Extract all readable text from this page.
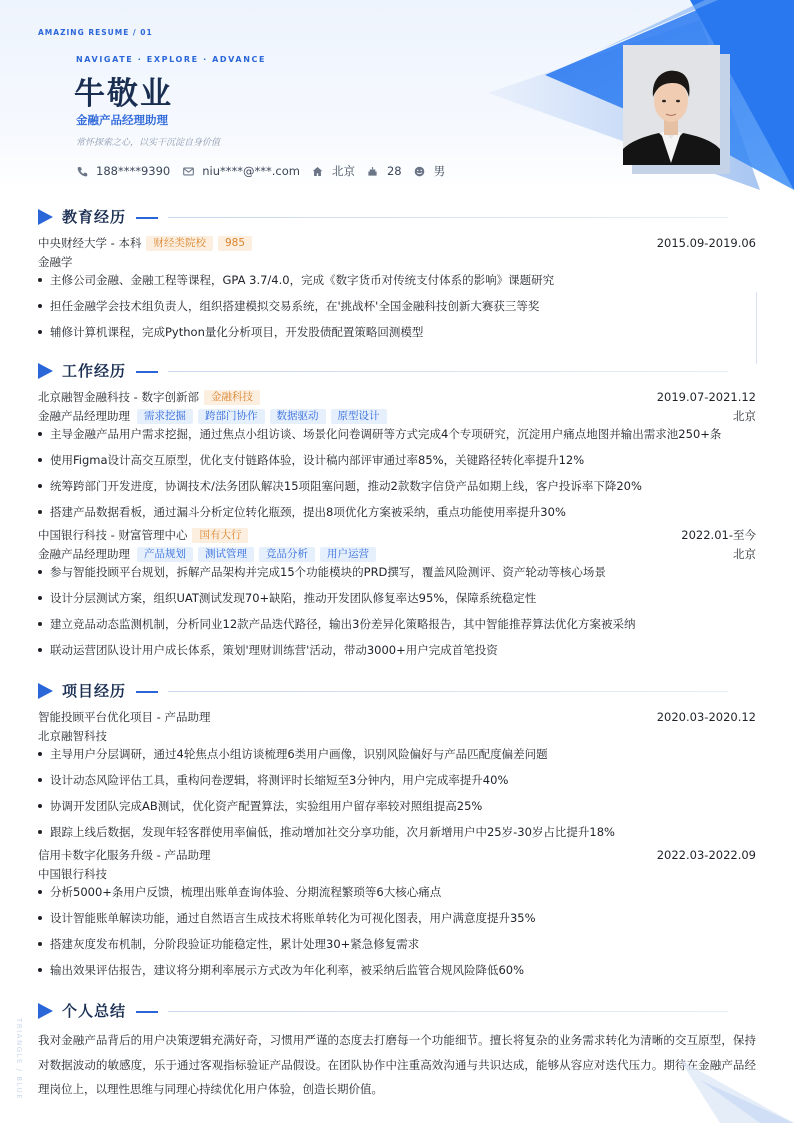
AMAZING RESUME / 01
NAVIGATE · EXPLORE · ADVANCE
牛敬业
金融产品经理助理
常怀探索之心，以实干沉淀自身价值
188****9390	niu****@***.com	北京	28	男
教育经历
中央财经大学 - 本科	财经类院校	985	2015.09-2019.06
金融学
主修公司金融、金融工程等课程，GPA 3.7/4.0，完成《数字货币对传统支付体系的影响》课题研究
担任金融学会技术组负责人，组织搭建模拟交易系统，在'挑战杯'全国金融科技创新大赛获三等奖
辅修计算机课程，完成Python量化分析项目，开发股债配置策略回测模型
工作经历
北京融智金融科技 - 数字创新部	金融科技	2019.07-2021.12
金融产品经理助理	需求挖掘	跨部门协作	数据驱动	原型设计	北京
主导金融产品用户需求挖掘，通过焦点小组访谈、场景化问卷调研等方式完成4个专项研究，沉淀用户痛点地图并输出需求池250+条
使用Figma设计高交互原型，优化支付链路体验，设计稿内部评审通过率85%，关键路径转化率提升12%
统筹跨部门开发进度，协调技术/法务团队解决15项阻塞问题，推动2款数字信贷产品如期上线，客户投诉率下降20%
搭建产品数据看板，通过漏斗分析定位转化瓶颈，提出8项优化方案被采纳，重点功能使用率提升30%
中国银行科技 - 财富管理中心	国有大行	2022.01-至今
金融产品经理助理	产品规划	测试管理	竞品分析	用户运营	北京
参与智能投顾平台规划，拆解产品架构并完成15个功能模块的PRD撰写，覆盖风险测评、资产轮动等核心场景
设计分层测试方案，组织UAT测试发现70+缺陷，推动开发团队修复率达95%，保障系统稳定性
建立竞品动态监测机制，分析同业12款产品迭代路径，输出3份差异化策略报告，其中智能推荐算法优化方案被采纳
联动运营团队设计用户成长体系，策划'理财训练营'活动，带动3000+用户完成首笔投资
项目经历
智能投顾平台优化项目 - 产品助理	2020.03-2020.12
北京融智科技
主导用户分层调研，通过4轮焦点小组访谈梳理6类用户画像，识别风险偏好与产品匹配度偏差问题
设计动态风险评估工具，重构问卷逻辑，将测评时长缩短至3分钟内，用户完成率提升40%
协调开发团队完成AB测试，优化资产配置算法，实验组用户留存率较对照组提高25%
跟踪上线后数据，发现年轻客群使用率偏低，推动增加社交分享功能，次月新增用户中25岁-30岁占比提升18%
信用卡数字化服务升级 - 产品助理	2022.03-2022.09
中国银行科技
分析5000+条用户反馈，梳理出账单查询体验、分期流程繁琐等6大核心痛点
设计智能账单解读功能，通过自然语言生成技术将账单转化为可视化图表，用户满意度提升35%
搭建灰度发布机制，分阶段验证功能稳定性，累计处理30+紧急修复需求
输出效果评估报告，建议将分期利率展示方式改为年化利率，被采纳后监管合规风险降低60%
个人总结
我对金融产品背后的用户决策逻辑充满好奇，习惯用严谨的态度去打磨每一个功能细节。擅长将复杂的业务需求转化为清晰的交互原型，保持对数据波动的敏感度，乐于通过客观指标验证产品假设。在团队协作中注重高效沟通与共识达成，能够从容应对迭代压力。期待在金融产品经理岗位上，以理性思维与同理心持续优化用户体验，创造长期价值。
TRIANGLE / BLUE
